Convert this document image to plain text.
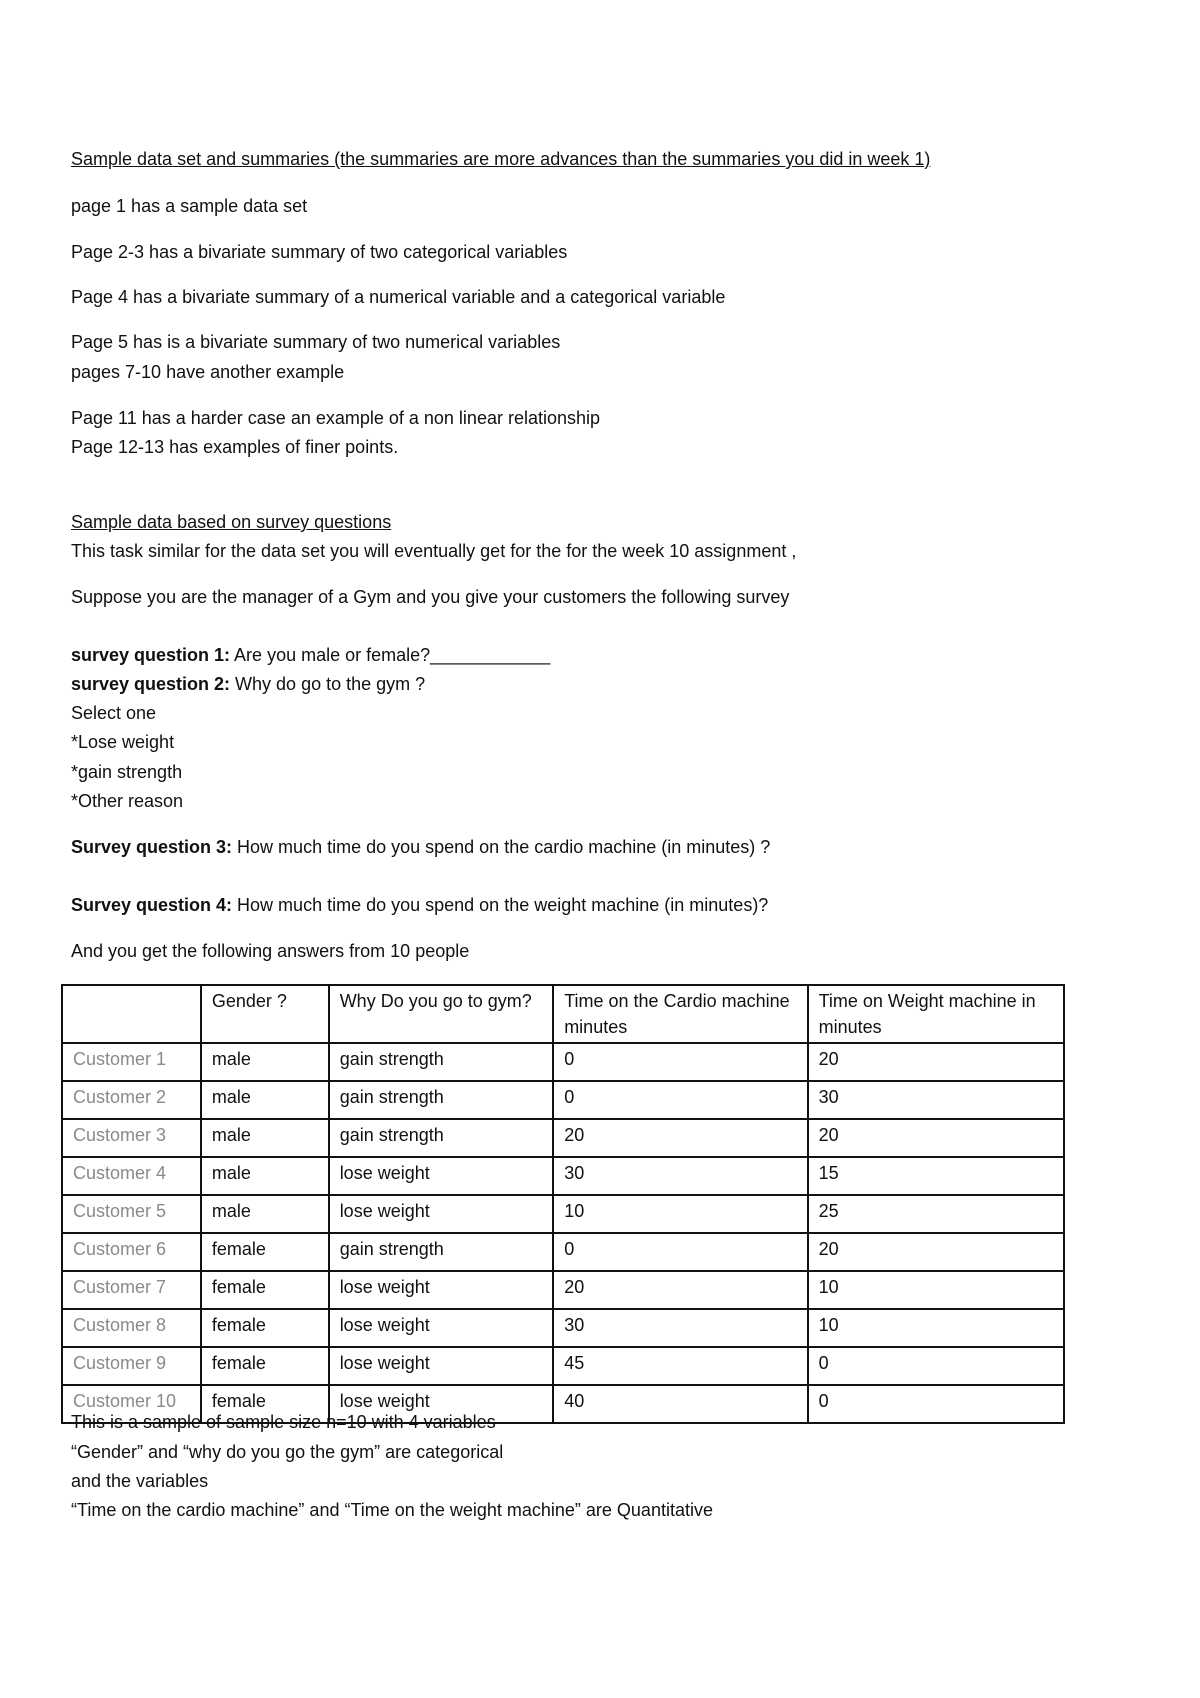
Sample data set and summaries (the summaries are more advances than the summaries you did in week 1)
page 1 has a sample data set
Page 2-3 has a bivariate summary of two categorical variables
Page 4 has a bivariate summary of a numerical variable and a categorical variable
Page 5 has is a bivariate summary of two numerical variables
pages 7-10 have another example
Page 11 has a harder case an example of a non linear relationship
Page 12-13 has examples of finer points.
Sample data based on survey questions
This task similar for the data set you will eventually get for the for the week 10 assignment ,
Suppose you are the manager of a Gym and you give your customers the following survey
survey question 1: Are you male or female?____________
survey question 2: Why do go to the gym ?
Select one
*Lose weight
*gain strength
*Other reason
Survey question 3: How much time do you spend on the cardio machine (in minutes) ?
Survey question 4: How much time do you spend on the weight machine (in minutes)?
And you get the following answers from 10 people
	Gender ?	Why Do you go to gym?	Time on the Cardio machine minutes	Time on Weight machine in minutes
Customer 1	male	gain strength	0	20
Customer 2	male	gain strength	0	30
Customer 3	male	gain strength	20	20
Customer 4	male	lose weight	30	15
Customer 5	male	lose weight	10	25
Customer 6	female	gain strength	0	20
Customer 7	female	lose weight	20	10
Customer 8	female	lose weight	30	10
Customer 9	female	lose weight	45	0
Customer 10	female	lose weight	40	0
This is a sample of sample size n=10 with 4 variables
“Gender” and “why do you go the gym” are categorical
and the variables
“Time on the cardio machine” and “Time on the weight machine” are Quantitative
